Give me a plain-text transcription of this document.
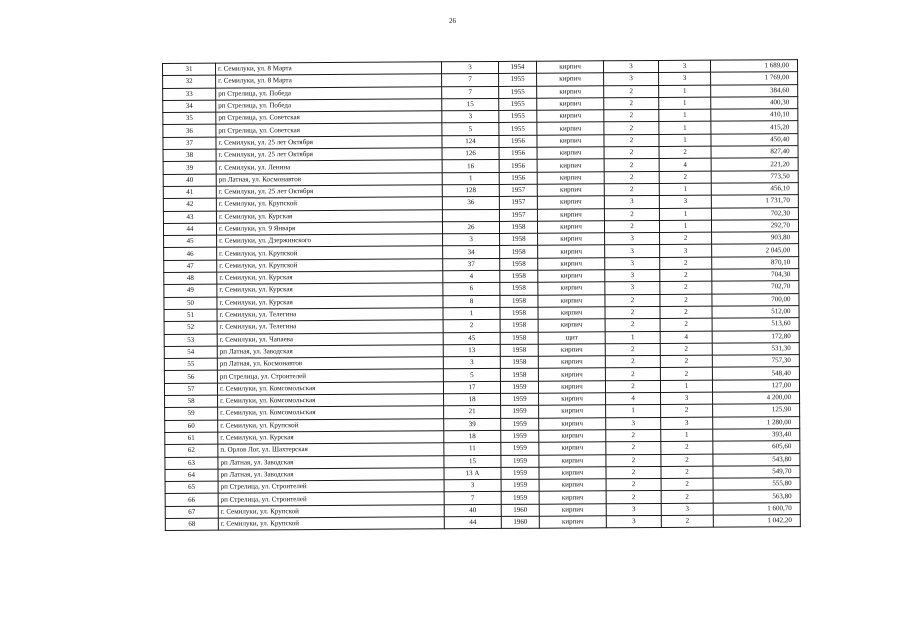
26
31	г. Семилуки, ул. 8 Марта	3	1954	кирпич	3	3	1 689,00
32	г. Семилуки, ул. 8 Марта	7	1955	кирпич	3	3	1 769,00
33	рп Стрелица, ул. Победа	7	1955	кирпич	2	1	384,60
34	рп Стрелица, ул. Победа	15	1955	кирпич	2	1	400,30
35	рп Стрелица, ул. Советская	3	1955	кирпич	2	1	410,10
36	рп Стрелица, ул. Советская	5	1955	кирпич	2	1	415,20
37	г. Семилуки, ул. 25 лет Октября	124	1956	кирпич	2	1	450,40
38	г. Семилуки, ул. 25 лет Октября	126	1956	кирпич	2	2	827,40
39	г. Семилуки, ул. Ленина	16	1956	кирпич	2	4	221,20
40	рп Латная, ул. Космонавтов	1	1956	кирпич	2	2	773,50
41	г. Семилуки, ул. 25 лет Октября	128	1957	кирпич	2	1	456,10
42	г. Семилуки, ул. Крупской	36	1957	кирпич	3	3	1 731,70
43	г. Семилуки, ул. Курская		1957	кирпич	2	1	702,30
44	г. Семилуки, ул. 9 Января	26	1958	кирпич	2	1	292,70
45	г. Семилуки, ул. Дзержинского	3	1958	кирпич	3	2	903,80
46	г. Семилуки, ул. Крупской	34	1958	кирпич	3	3	2 045,00
47	г. Семилуки, ул. Крупской	37	1958	кирпич	3	2	870,10
48	г. Семилуки, ул. Курская	4	1958	кирпич	3	2	704,30
49	г. Семилуки, ул. Курская	6	1958	кирпич	3	2	702,70
50	г. Семилуки, ул. Курская	8	1958	кирпич	2	2	700,00
51	г. Семилуки, ул. Телегина	1	1958	кирпич	2	2	512,00
52	г. Семилуки, ул. Телегина	2	1958	кирпич	2	2	513,60
53	г. Семилуки, ул. Чапаева	45	1958	щит	1	4	172,80
54	рп Латная, ул. Заводская	13	1958	кирпич	2	2	531,30
55	рп Латная, ул. Космонавтов	3	1958	кирпич	2	2	757,30
56	рп Стрелица, ул. Строителей	5	1958	кирпич	2	2	548,40
57	г. Семилуки, ул. Комсомольская	17	1959	кирпич	2	1	127,00
58	г. Семилуки, ул. Комсомольская	18	1959	кирпич	4	3	4 200,00
59	г. Семилуки, ул. Комсомольская	21	1959	кирпич	1	2	125,90
60	г. Семилуки, ул. Крупской	39	1959	кирпич	3	3	1 280,00
61	г. Семилуки, ул. Курская	18	1959	кирпич	2	1	393,40
62	п. Орлов Лог, ул. Шахтерская	11	1959	кирпич	2	2	605,60
63	рп Латная, ул. Заводская	15	1959	кирпич	2	2	543,80
64	рп Латная, ул. Заводская	13 А	1959	кирпич	2	2	549,70
65	рп Стрелица, ул. Строителей	3	1959	кирпич	2	2	555,80
66	рп Стрелица, ул. Строителей	7	1959	кирпич	2	2	563,80
67	г. Семилуки, ул. Крупской	40	1960	кирпич	3	3	1 600,70
68	г. Семилуки, ул. Крупской	44	1960	кирпич	3	2	1 042,20
